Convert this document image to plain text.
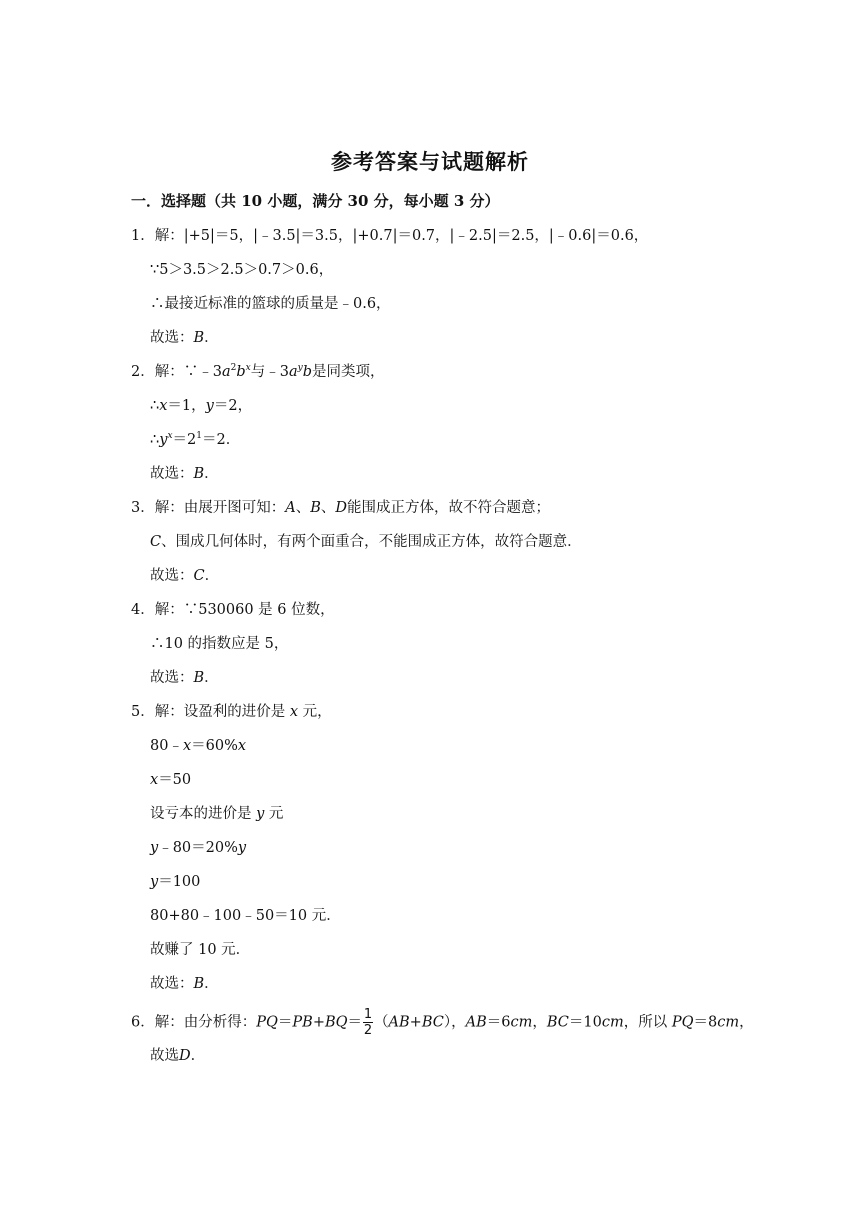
参考答案与试题解析
一．选择题（共 10 小题，满分 30 分，每小题 3 分）
1．解：|+5|＝5，|﹣3.5|＝3.5，|+0.7|＝0.7，|﹣2.5|＝2.5，|﹣0.6|＝0.6，
∵5＞3.5＞2.5＞0.7＞0.6，
∴最接近标准的篮球的质量是﹣0.6，
故选：B．
2．解：$\because﹣3a^2b^x$与$﹣3a^yb$是同类项，
∴x＝1，y＝2，
$\therefore y^x=2^1=2$．
故选：B．
3．解：由展开图可知：A、B、D能围成正方体，故不符合题意；
C、围成几何体时，有两个面重合，不能围成正方体，故符合题意．
故选：C．
4．解：∵530060 是 6 位数，
∴10 的指数应是 5，
故选：B．
5．解：设盈利的进价是 x 元，
80﹣x＝60%x
x＝50
设亏本的进价是 y 元
y﹣80＝20%y
y＝100
80+80﹣100﹣50＝10 元．
故赚了 10 元．
故选：B．
6．解：由分析得：$PQ=PB+BQ= \frac{1}{2} (AB+BC)$，AB＝6cm，BC＝10cm，所以 PQ＝8cm，
故选D．
